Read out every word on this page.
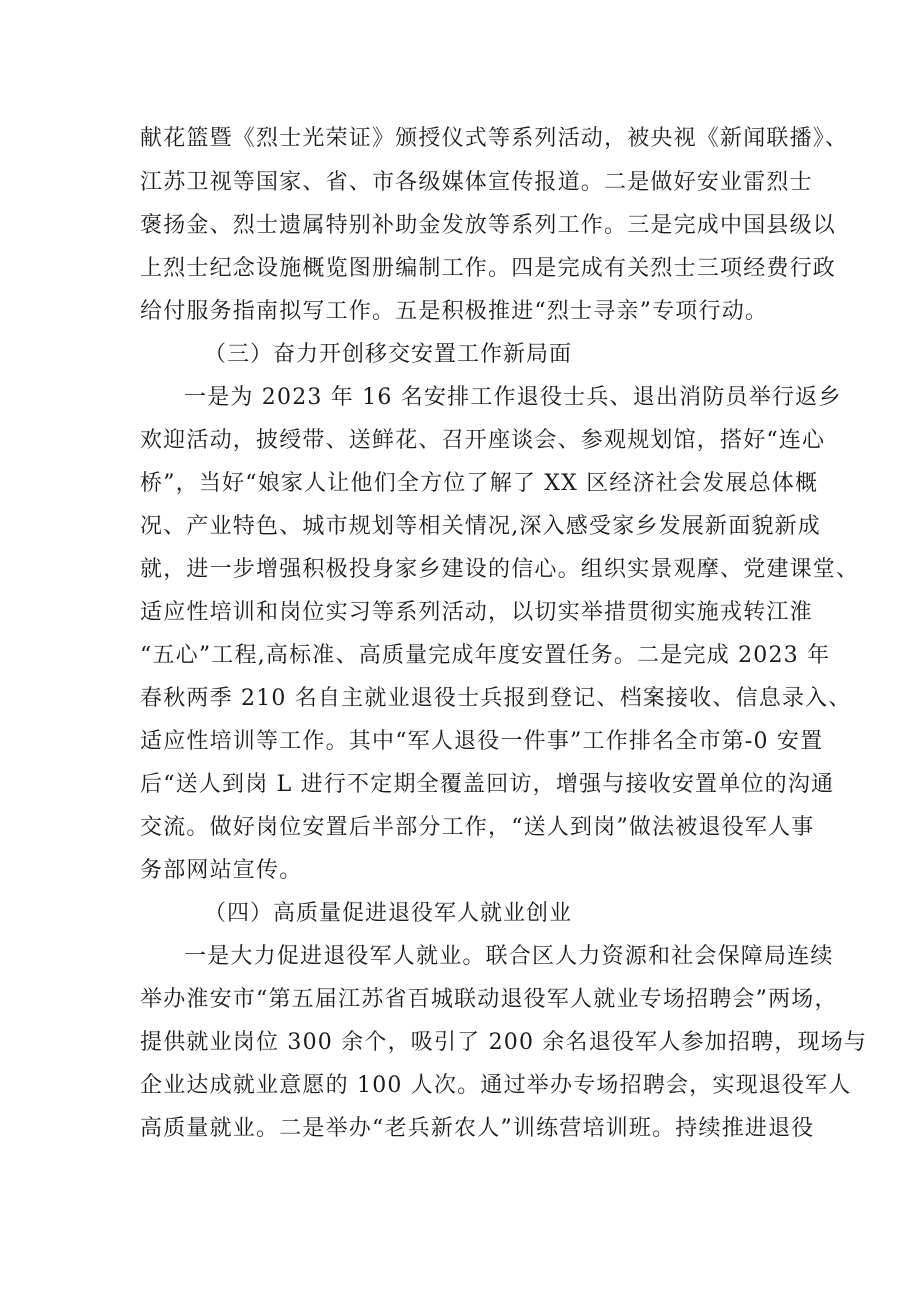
献花篮暨《烈士光荣证》颁授仪式等系列活动，被央视《新闻联播》、
江苏卫视等国家、省、市各级媒体宣传报道。二是做好安业雷烈士
褒扬金、烈士遗属特别补助金发放等系列工作。三是完成中国县级以
上烈士纪念设施概览图册编制工作。四是完成有关烈士三项经费行政
给付服务指南拟写工作。五是积极推进“烈士寻亲”专项行动。
（三）奋力开创移交安置工作新局面
一是为 2023 年 16 名安排工作退役士兵、退出消防员举行返乡
欢迎活动，披绶带、送鲜花、召开座谈会、参观规划馆，搭好“连心
桥”，当好“娘家人让他们全方位了解了 XX 区经济社会发展总体概
况、产业特色、城市规划等相关情况,深入感受家乡发展新面貌新成
就，进一步增强积极投身家乡建设的信心。组织实景观摩、党建课堂、
适应性培训和岗位实习等系列活动，以切实举措贯彻实施戎转江淮
“五心”工程,高标准、高质量完成年度安置任务。二是完成 2023 年
春秋两季 210 名自主就业退役士兵报到登记、档案接收、信息录入、
适应性培训等工作。其中“军人退役一件事”工作排名全市第-0 安置
后“送人到岗 L 进行不定期全覆盖回访，增强与接收安置单位的沟通
交流。做好岗位安置后半部分工作，“送人到岗”做法被退役军人事
务部网站宣传。
（四）高质量促进退役军人就业创业
一是大力促进退役军人就业。联合区人力资源和社会保障局连续
举办淮安市“第五届江苏省百城联动退役军人就业专场招聘会”两场，
提供就业岗位 300 余个，吸引了 200 余名退役军人参加招聘，现场与
企业达成就业意愿的 100 人次。通过举办专场招聘会，实现退役军人
高质量就业。二是举办“老兵新农人”训练营培训班。持续推进退役
